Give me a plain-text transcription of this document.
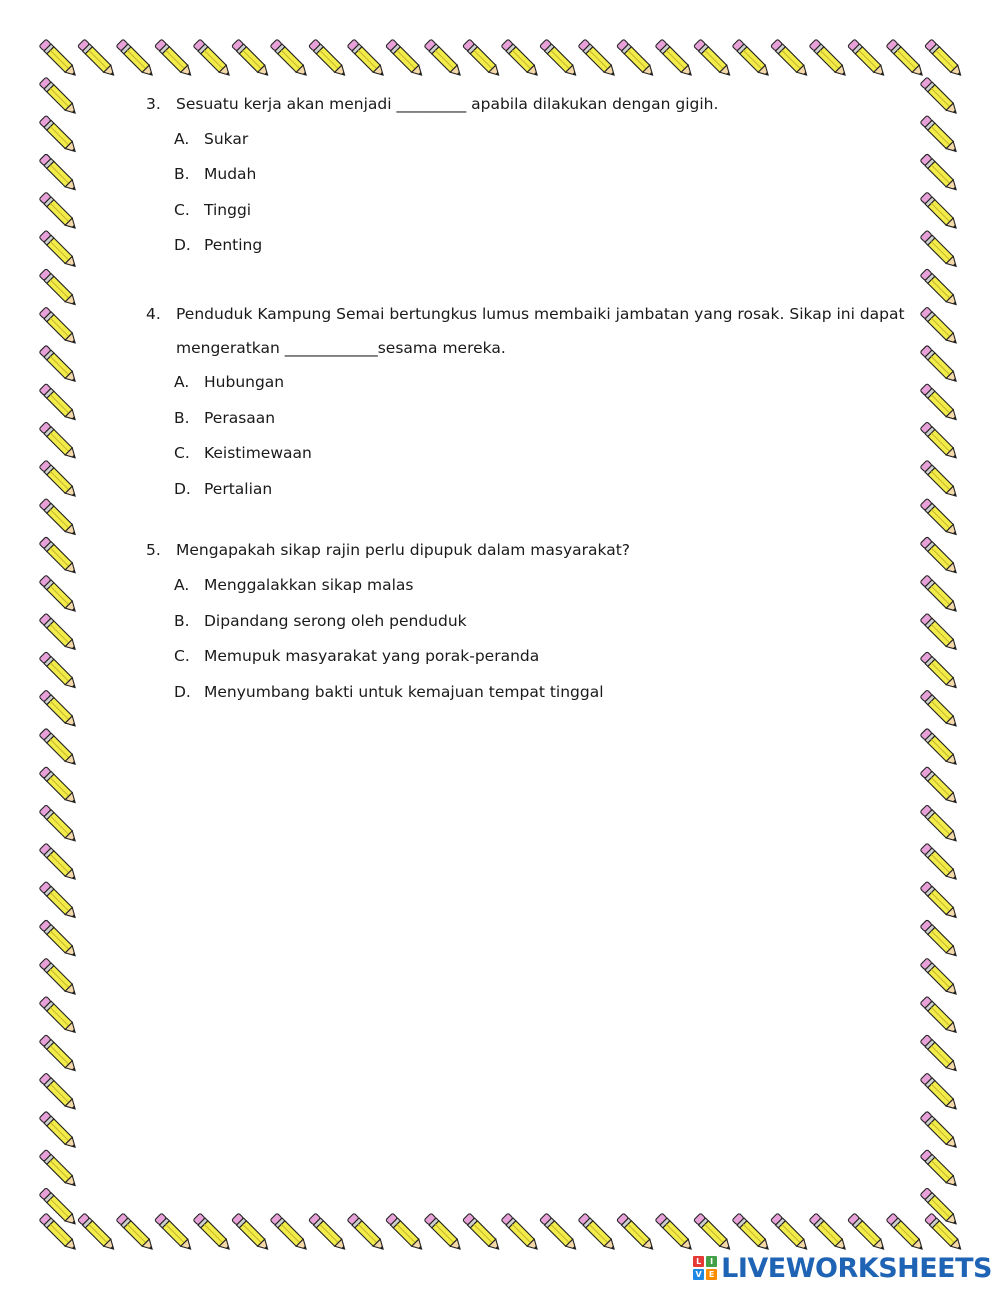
3. Sesuatu kerja akan menjadi _________ apabila dilakukan dengan gigih.
A. Sukar
B. Mudah
C. Tinggi
D. Penting
4. Penduduk Kampung Semai bertungkus lumus membaiki jambatan yang rosak. Sikap ini dapat
mengeratkan ____________sesama mereka.
A. Hubungan
B. Perasaan
C. Keistimewaan
D. Pertalian
5. Mengapakah sikap rajin perlu dipupuk dalam masyarakat?
A. Menggalakkan sikap malas
B. Dipandang serong oleh penduduk
C. Memupuk masyarakat yang porak-peranda
D. Menyumbang bakti untuk kemajuan tempat tinggal
L	I
V E LIVEWORKSHEETS
